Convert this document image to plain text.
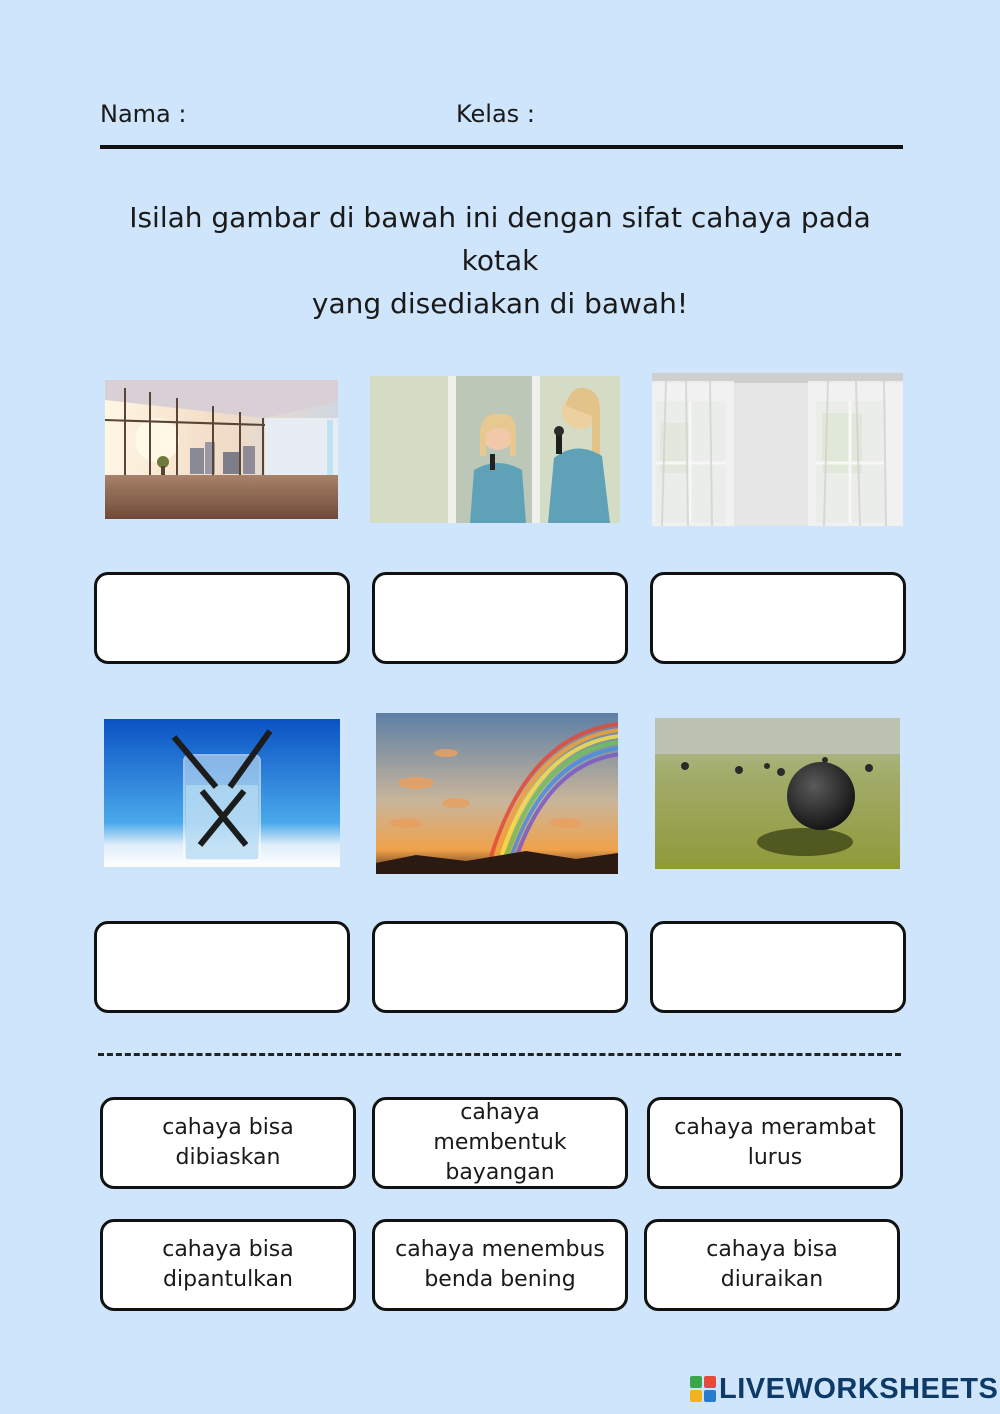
Nama :	Kelas :
Isilah gambar di bawah ini dengan sifat cahaya pada kotak
yang disediakan di bawah!
cahaya bisa
dibiaskan
cahaya membentuk
bayangan
cahaya merambat
lurus
cahaya bisa
dipantulkan
cahaya menembus
benda bening
cahaya bisa
diuraikan
LIVEWORKSHEETS
